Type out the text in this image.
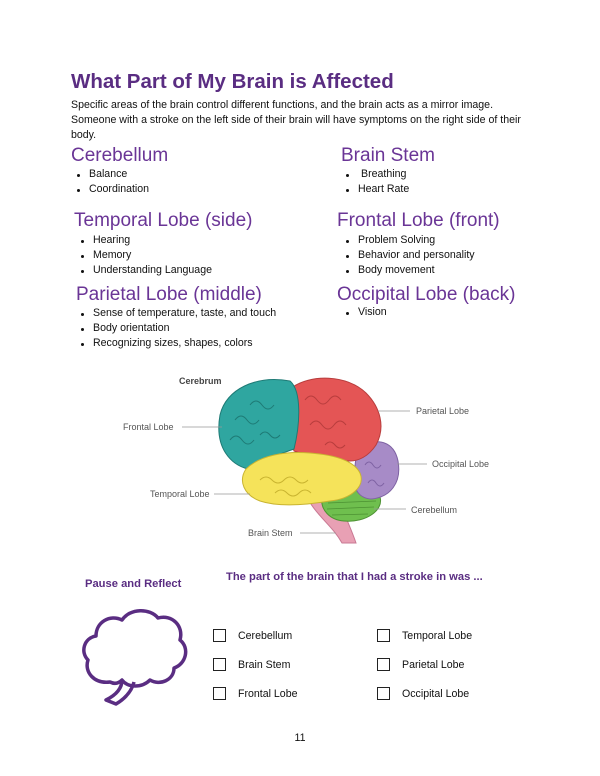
What Part of My Brain is Affected
Specific areas of the brain control different functions, and the brain acts as a mirror image. Someone with a stroke on the left side of their brain will have symptoms on the right side of their body.
Cerebellum
Balance
Coordination
Temporal Lobe (side)
Hearing
Memory
Understanding Language
Parietal Lobe (middle)
Sense of temperature, taste, and touch
Body orientation
Recognizing sizes, shapes, colors
Brain Stem
Breathing
Heart Rate
Frontal Lobe (front)
Problem Solving
Behavior and personality
Body movement
Occipital Lobe (back)
Vision
Cerebrum
Frontal Lobe
Temporal Lobe
Brain Stem
Parietal Lobe
Occipital Lobe
Cerebellum
Pause and Reflect
The part of the brain that I had a stroke in was ...
Cerebellum
Brain Stem
Frontal Lobe
Temporal Lobe
Parietal Lobe
Occipital Lobe
11
